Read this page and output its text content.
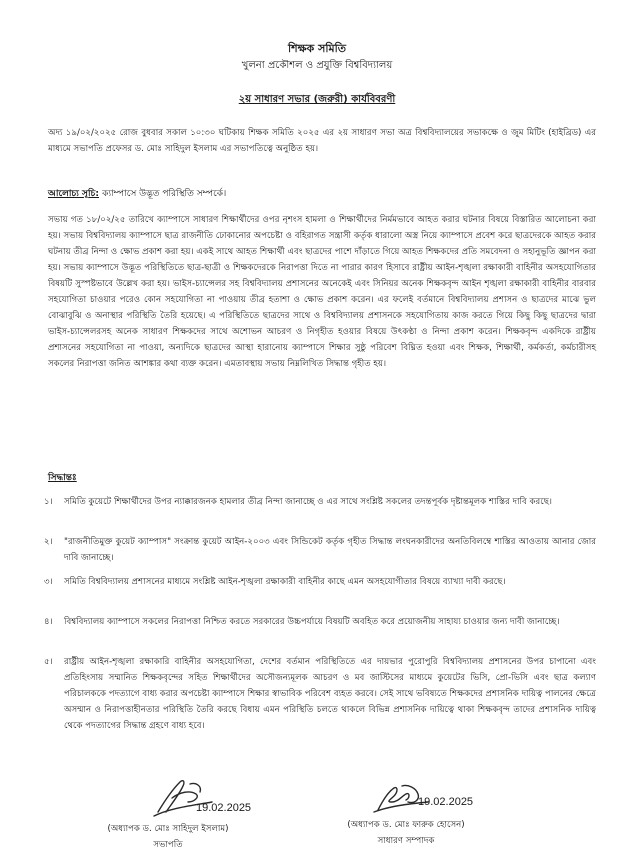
শিক্ষক সমিতি
খুলনা প্রকৌশল ও প্রযুক্তি বিশ্ববিদ্যালয়
২য় সাধারণ সভার (জরুরী) কার্যবিবরণী

অদ্য ১৯/০২/২০২৫ রোজ বুধবার সকাল ১০:৩০ ঘটিকায় শিক্ষক সমিতি ২০২৫ এর ২য় সাধারণ সভা অত্র বিশ্ববিদ্যালয়ের সভাকক্ষে ও জুম মিটিং (হাইব্রিড) এর মাধ্যমে সভাপতি প্রফেসর ড. মোঃ সাহিদুল ইসলাম এর সভাপতিত্বে অনুষ্ঠিত হয়।

আলোচ্য সূচি: ক্যাম্পাসে উদ্ভূত পরিস্থিতি সম্পর্কে।

সভায় গত ১৮/০২/২৫ তারিখে ক্যাম্পাসে সাধারণ শিক্ষার্থীদের ওপর নৃশংস হামলা ও শিক্ষার্থীদের নির্মমভাবে আহত করার ঘটনার বিষয়ে বিস্তারিত আলোচনা করা হয়। সভায় বিশ্ববিদ্যালয় ক্যাম্পাসে ছাত্র রাজনীতি ঢোকানোর অপচেষ্টা ও বহিরাগত সন্ত্রাসী কর্তৃক ধারালো অস্ত্র নিয়ে ক্যাম্পাসে প্রবেশ করে ছাত্রদেরকে আহত করার ঘটনায় তীব্র নিন্দা ও ক্ষোভ প্রকাশ করা হয়। একই সাথে আহত শিক্ষার্থী এবং ছাত্রদের পাশে দাঁড়াতে গিয়ে আহত শিক্ষকদের প্রতি সমবেদনা ও সহানুভূতি জ্ঞাপন করা হয়। সভায় ক্যাম্পাসে উদ্ভূত পরিস্থিতিতে ছাত্র-ছাত্রী ও শিক্ষকদেরকে নিরাপত্তা দিতে না পারার কারণ হিসাবে রাষ্ট্রীয় আইন-শৃঙ্খলা রক্ষাকারী বাহিনীর অসহযোগিতার বিষয়টি সুস্পষ্টভাবে উল্লেখ করা হয়। ভাইস-চ্যান্সেলর সহ বিশ্ববিদ্যালয় প্রশাসনের অনেকেই এবং সিনিয়র অনেক শিক্ষকবৃন্দ আইন শৃঙ্খলা রক্ষাকারী বাহিনীর বারবার সহযোগিতা চাওয়ার পরেও কোন সহযোগিতা না পাওয়ায় তীব্র হতাশা ও ক্ষোভ প্রকাশ করেন। এর ফলেই বর্তমানে বিশ্ববিদ্যালয় প্রশাসন ও ছাত্রদের মাঝে ভুল বোঝাবুঝি ও অনাস্থার পরিস্থিতি তৈরি হয়েছে। এ পরিস্থিতিতে ছাত্রদের সাথে ও বিশ্ববিদ্যালয় প্রশাসনকে সহযোগিতায় কাজ করতে গিয়ে কিছু কিছু ছাত্রদের দ্বারা ভাইস-চ্যান্সেলরসহ অনেক সাধারণ শিক্ষকদের সাথে অশোভন আচরণ ও নিগৃহীত হওয়ার বিষয়ে উৎকণ্ঠা ও নিন্দা প্রকাশ করেন। শিক্ষকবৃন্দ একদিকে রাষ্ট্রীয় প্রশাসনের সহযোগিতা না পাওয়া, অন্যদিকে ছাত্রদের আস্থা হারানোয় ক্যাম্পাসে শিক্ষার সুষ্ঠু পরিবেশ বিঘ্নিত হওয়া এবং শিক্ষক, শিক্ষার্থী, কর্মকর্তা, কর্মচারীসহ সকলের নিরাপত্তা জনিত আশঙ্কার কথা ব্যক্ত করেন। এমতাবস্থায় সভায় নিম্নলিখিত সিদ্ধান্ত গৃহীত হয়।

সিদ্ধান্তঃ
১।	সমিতি কুয়েটে শিক্ষার্থীদের উপর ন্যাক্কারজনক হামলার তীব্র নিন্দা জানাচ্ছে ও এর সাথে সংশ্লিষ্ট সকলের তদন্তপূর্বক দৃষ্টান্তমূলক শাস্তির দাবি করছে।
২।	"রাজনীতিমুক্ত কুয়েট ক্যাম্পাস" সংক্রান্ত কুয়েট আইন-২০০৩ এবং সিন্ডিকেট কর্তৃক গৃহীত সিদ্ধান্ত লংঘনকারীদের অনতিবিলম্বে শাস্তির আওতায় আনার জোর দাবি জানাচ্ছে।
৩।	সমিতি বিশ্ববিদ্যালয় প্রশাসনের মাধ্যমে সংশ্লিষ্ট আইন-শৃঙ্খলা রক্ষাকারী বাহিনীর কাছে এমন অসহযোগীতার বিষয়ে ব্যাখ্যা দাবী করছে।
৪।	বিশ্ববিদ্যালয় ক্যাম্পাসে সকলের নিরাপত্তা নিশ্চিত করতে সরকারের উচ্চপর্যায়ে বিষয়টি অবহিত করে প্রয়োজনীয় সাহায্য চাওয়ার জন্য দাবী জানাচ্ছে।
৫।	রাষ্ট্রীয় আইন-শৃঙ্খলা রক্ষাকারি বাহিনীর অসহযোগিতা, দেশের বর্তমান পরিস্থিতিতে এর দায়ভার পুরোপুরি বিশ্ববিদ্যালয় প্রশাসনের উপর চাপানো এবং প্রতিহিংসায় সম্মানিত শিক্ষকবৃন্দের সহিত শিক্ষার্থীদের অসৌজন্যমূলক আচরণ ও মব জাস্টিসের মাধ্যমে কুয়েটের ভিসি, প্রো-ভিসি এবং ছাত্র কল্যাণ পরিচালককে পদত্যাগে বাধ্য করার অপচেষ্টা ক্যাম্পাসে শিক্ষার স্বাভাবিক পরিবেশ ব্যহত করবে। সেই সাথে ভবিষ্যতে শিক্ষকদের প্রশাসনিক দায়িত্ব পালনের ক্ষেত্রে অসম্মান ও নিরাপত্তাহীনতার পরিস্থিতি তৈরি করছে বিধায় এমন পরিস্থিতি চলতে থাকলে বিভিন্ন প্রশাসনিক দায়িত্বে থাকা শিক্ষকবৃন্দ তাদের প্রশাসনিক দায়িত্ব থেকে পদত্যাগের সিদ্ধান্ত গ্রহণে বাধ্য হবে।
19.02.2025
(অধ্যাপক ড. মোঃ সাহিদুল ইসলাম)
সভাপতি
19.02.2025
(অধ্যাপক ড. মোঃ ফারুক হোসেন)
সাধারণ সম্পাদক
